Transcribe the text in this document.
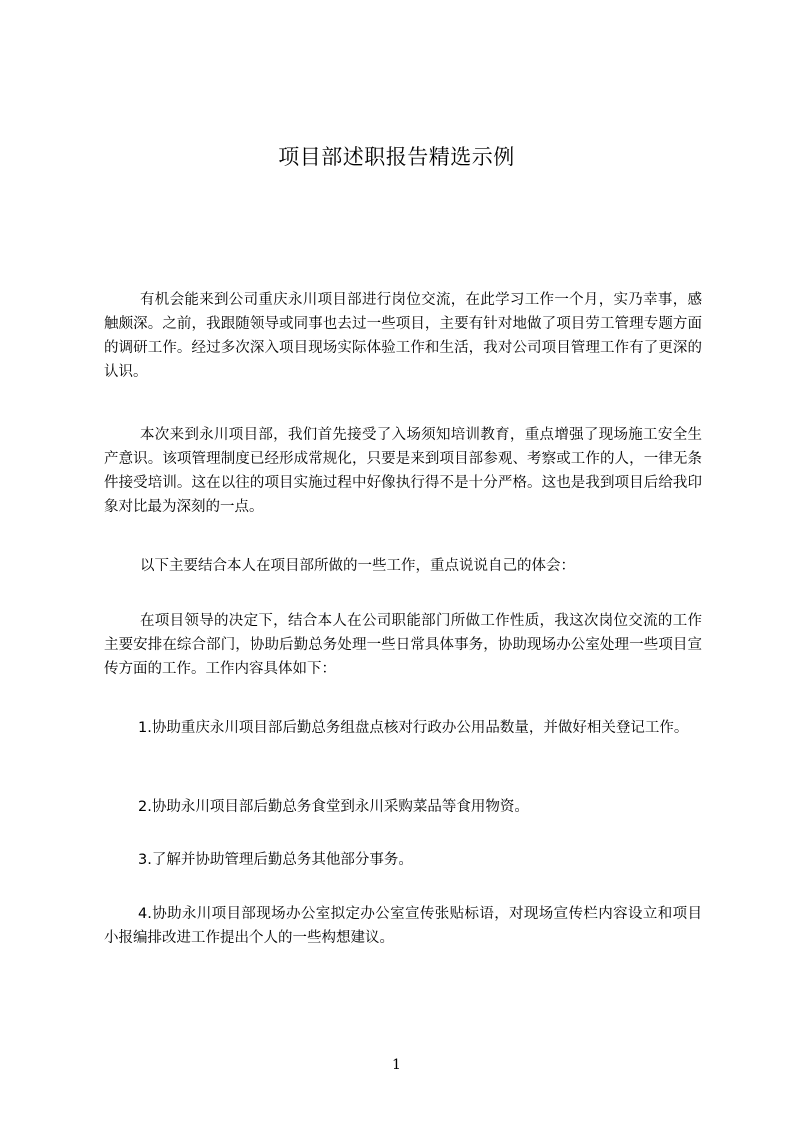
项目部述职报告精选示例

有机会能来到公司重庆永川项目部进行岗位交流，在此学习工作一个月，实乃幸事，感触颇深。之前，我跟随领导或同事也去过一些项目，主要有针对地做了项目劳工管理专题方面的调研工作。经过多次深入项目现场实际体验工作和生活，我对公司项目管理工作有了更深的认识。

本次来到永川项目部，我们首先接受了入场须知培训教育，重点增强了现场施工安全生产意识。该项管理制度已经形成常规化，只要是来到项目部参观、考察或工作的人，一律无条件接受培训。这在以往的项目实施过程中好像执行得不是十分严格。这也是我到项目后给我印象对比最为深刻的一点。

以下主要结合本人在项目部所做的一些工作，重点说说自己的体会：

在项目领导的决定下，结合本人在公司职能部门所做工作性质，我这次岗位交流的工作主要安排在综合部门，协助后勤总务处理一些日常具体事务，协助现场办公室处理一些项目宣传方面的工作。工作内容具体如下：

1.协助重庆永川项目部后勤总务组盘点核对行政办公用品数量，并做好相关登记工作。

2.协助永川项目部后勤总务食堂到永川采购菜品等食用物资。

3.了解并协助管理后勤总务其他部分事务。

4.协助永川项目部现场办公室拟定办公室宣传张贴标语，对现场宣传栏内容设立和项目小报编排改进工作提出个人的一些构想建议。

1
